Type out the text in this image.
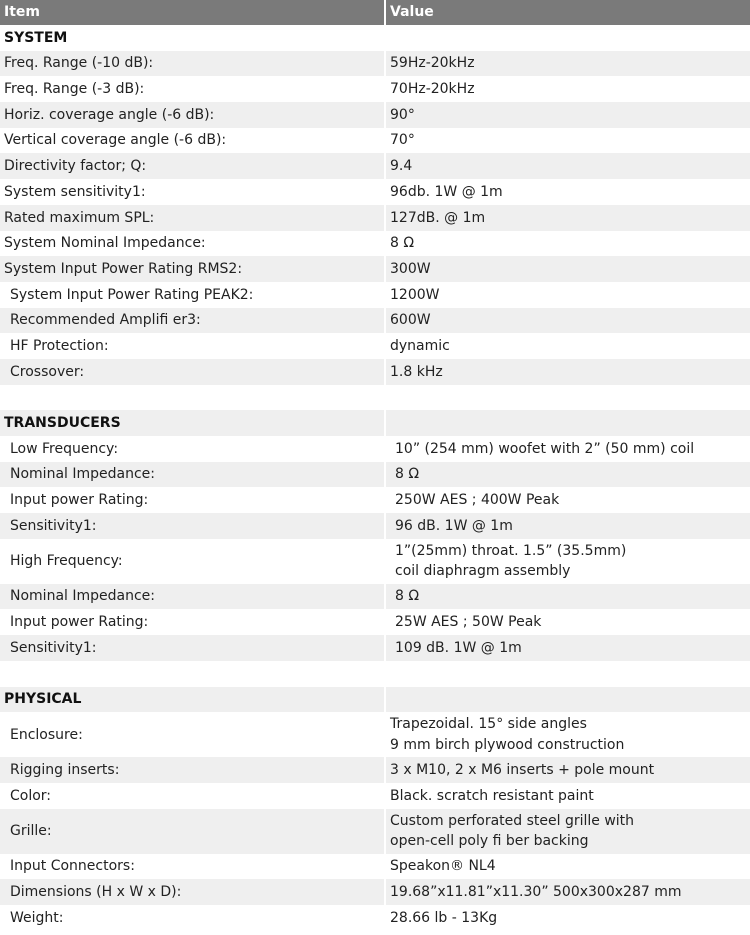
Item	Value
SYSTEM	
Freq. Range (-10 dB):	59Hz-20kHz

Freq. Range (-3 dB):	70Hz-20kHz

Horiz. coverage angle (-6 dB):	90°

Vertical coverage angle (-6 dB):	70°

Directivity factor; Q:	9.4

System sensitivity1:	96db. 1W @ 1m

Rated maximum SPL:	127dB. @ 1m

System Nominal Impedance:	8 Ω

System Input Power Rating RMS2:	300W

System Input Power Rating PEAK2:	1200W

Recommended Amplifi er3:	600W

HF Protection:	dynamic

Crossover:	1.8 kHz

TRANSDUCERS	
Low Frequency:	10” (254 mm) woofet with 2” (50 mm) coil

Nominal Impedance:	8 Ω

Input power Rating:	250W AES ; 400W Peak

Sensitivity1:	96 dB. 1W @ 1m

High Frequency:	1”(25mm) throat. 1.5” (35.5mm)
coil diaphragm assembly

Nominal Impedance:	8 Ω

Input power Rating:	25W AES ; 50W Peak

Sensitivity1:	109 dB. 1W @ 1m

PHYSICAL	
Enclosure:	Trapezoidal. 15° side angles
9 mm birch plywood construction

Rigging inserts:	3 x M10, 2 x M6 inserts + pole mount

Color:	Black. scratch resistant paint

Grille:	Custom perforated steel grille with
open-cell poly fi ber backing

Input Connectors:	Speakon® NL4

Dimensions (H x W x D):	19.68”x11.81”x11.30” 500x300x287 mm

Weight:	28.66 lb - 13Kg
